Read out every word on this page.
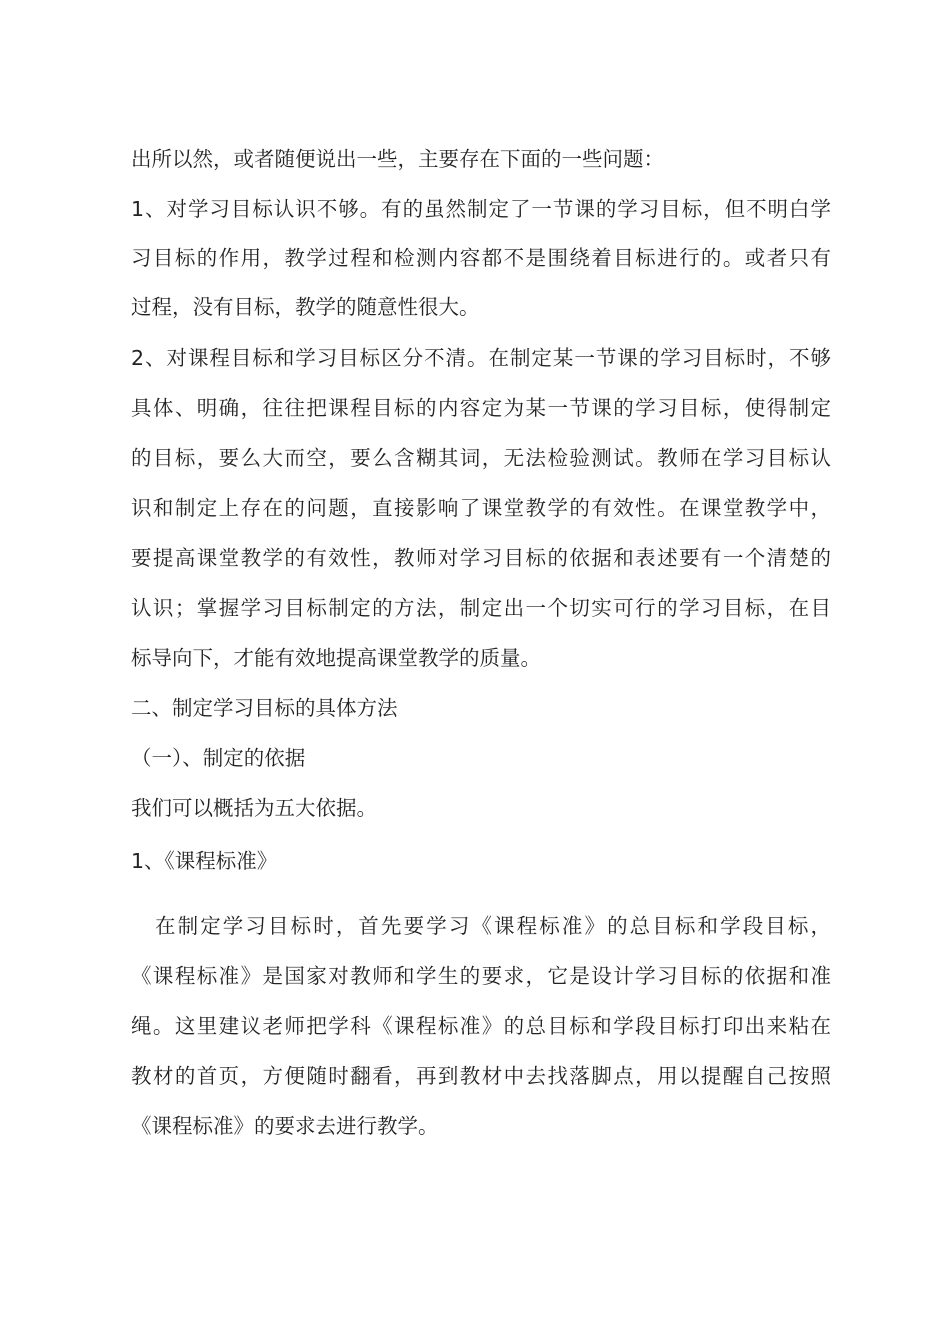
出所以然，或者随便说出一些，主要存在下面的一些问题：
1、对学习目标认识不够。有的虽然制定了一节课的学习目标，但不明白学
习目标的作用，教学过程和检测内容都不是围绕着目标进行的。或者只有
过程，没有目标，教学的随意性很大。
2、对课程目标和学习目标区分不清。在制定某一节课的学习目标时，不够
具体、明确，往往把课程目标的内容定为某一节课的学习目标，使得制定
的目标，要么大而空，要么含糊其词，无法检验测试。教师在学习目标认
识和制定上存在的问题，直接影响了课堂教学的有效性。在课堂教学中，
要提高课堂教学的有效性，教师对学习目标的依据和表述要有一个清楚的
认识；掌握学习目标制定的方法，制定出一个切实可行的学习目标，在目
标导向下，才能有效地提高课堂教学的质量。
二、制定学习目标的具体方法
（一）、制定的依据
我们可以概括为五大依据。
1、《课程标准》
在制定学习目标时，首先要学习《课程标准》的总目标和学段目标，
《课程标准》是国家对教师和学生的要求，它是设计学习目标的依据和准
绳。这里建议老师把学科《课程标准》的总目标和学段目标打印出来粘在
教材的首页，方便随时翻看，再到教材中去找落脚点，用以提醒自己按照
《课程标准》的要求去进行教学。
